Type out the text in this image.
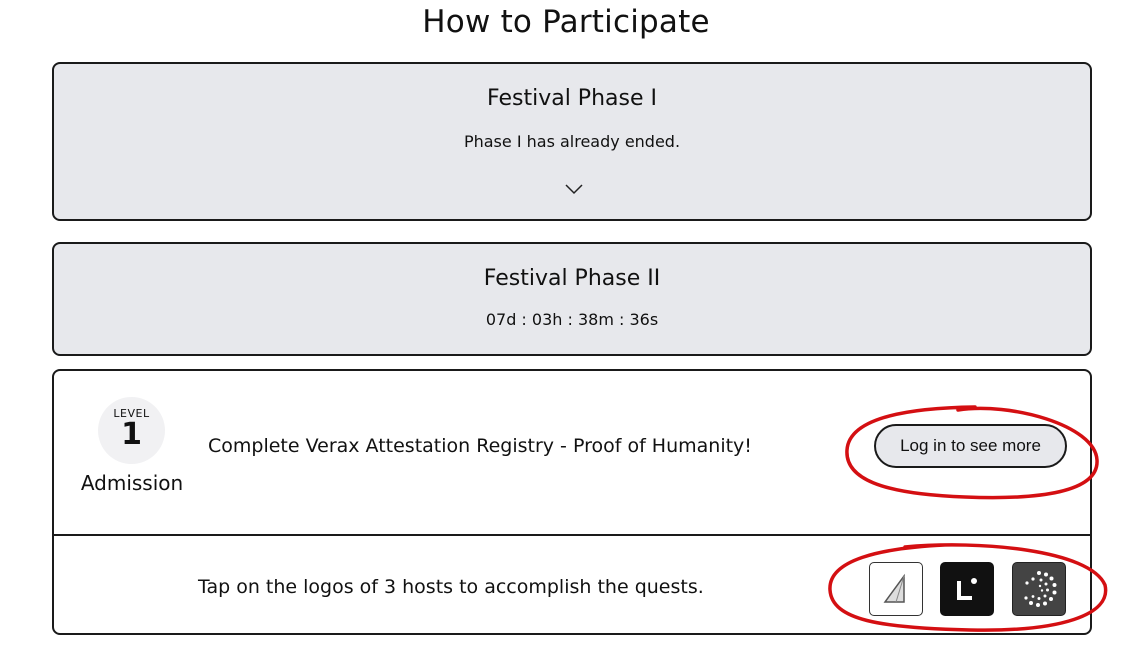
How to Participate
Festival Phase I
Phase I has already ended.
Festival Phase II
07d : 03h : 38m : 36s
LEVEL
1
Admission
Complete Verax Attestation Registry - Proof of Humanity!	Log in to see more
Tap on the logos of 3 hosts to accomplish the quests.
